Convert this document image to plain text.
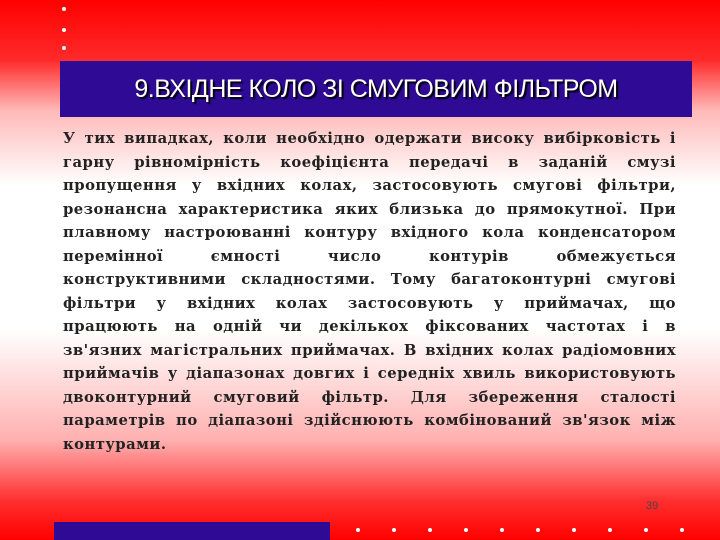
9.ВХІДНЕ КОЛО ЗІ СМУГОВИМ ФІЛЬТРОМ

У тих випадках, коли необхідно одержати високу вибірковість і гарну рівномірність коефіцієнта передачі в заданій смузі пропущення у вхідних колах, застосовують смугові фільтри, резонансна характеристика яких близька до прямокутної. При плавному настроюванні контуру вхідного кола конденсатором перемінної ємності число контурів обмежується конструктивними складностями. Тому багатоконтурні смугові фільтри у вхідних колах застосовують у приймачах, що працюють на одній чи декількох фіксованих частотах і в зв'язних магістральних приймачах. В вхідних колах радіомовних приймачів у діапазонах довгих і середніх хвиль використовують двоконтурний смуговий фільтр. Для збереження сталості параметрів по діапазоні здійснюють комбінований зв'язок між контурами.

39
